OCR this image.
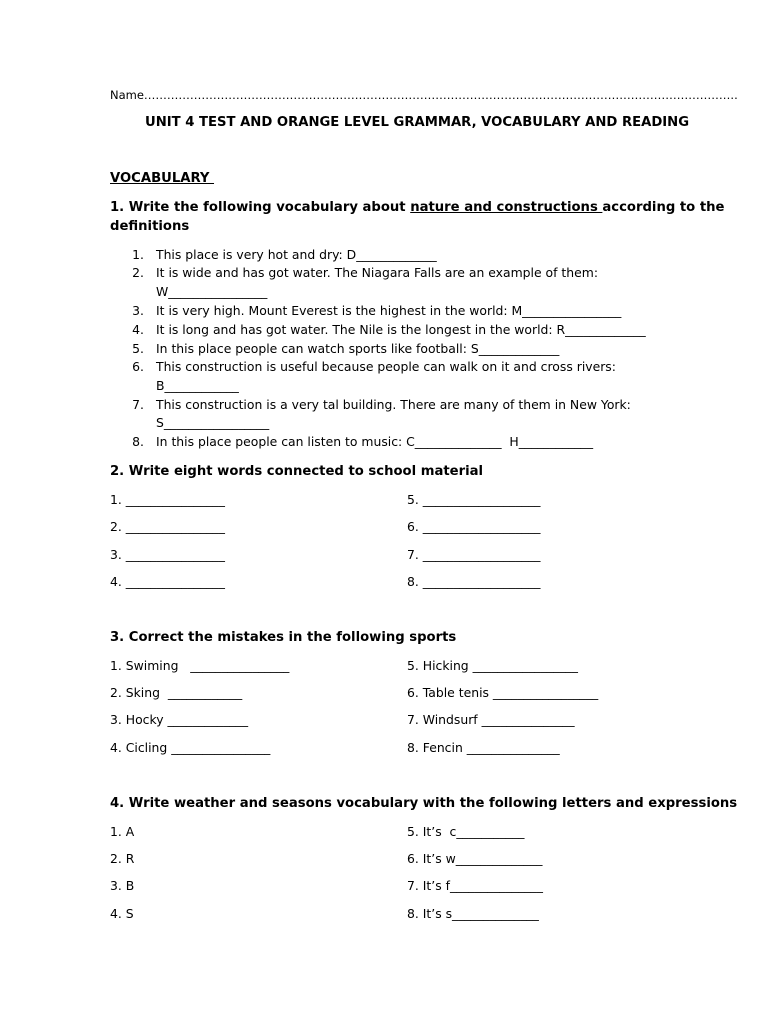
Name………………………………………………………………………………………………………………………………………..
UNIT 4 TEST AND ORANGE LEVEL GRAMMAR, VOCABULARY AND READING
VOCABULARY
1. Write the following vocabulary about nature and constructions according to the
definitions
1. This place is very hot and dry: D_____________
2. It is wide and has got water. The Niagara Falls are an example of them:
W________________
3. It is very high. Mount Everest is the highest in the world: M________________
4. It is long and has got water. The Nile is the longest in the world: R_____________
5. In this place people can watch sports like football: S_____________
6. This construction is useful because people can walk on it and cross rivers:
B____________
7. This construction is a very tal building. There are many of them in New York:
S_________________
8. In this place people can listen to music: C______________  H____________
2. Write eight words connected to school material
1. ________________
2. ________________
3. ________________
4. ________________
5. ___________________
6. ___________________
7. ___________________
8. ___________________
3. Correct the mistakes in the following sports
1. Swiming   ________________
2. Sking  ____________
3. Hocky _____________
4. Cicling ________________
5. Hicking _________________
6. Table tenis _________________
7. Windsurf _______________
8. Fencin _______________
4. Write weather and seasons vocabulary with the following letters and expressions
1. A
2. R
3. B
4. S
5. It’s  c___________
6. It’s w______________
7. It’s f_______________
8. It’s s______________
